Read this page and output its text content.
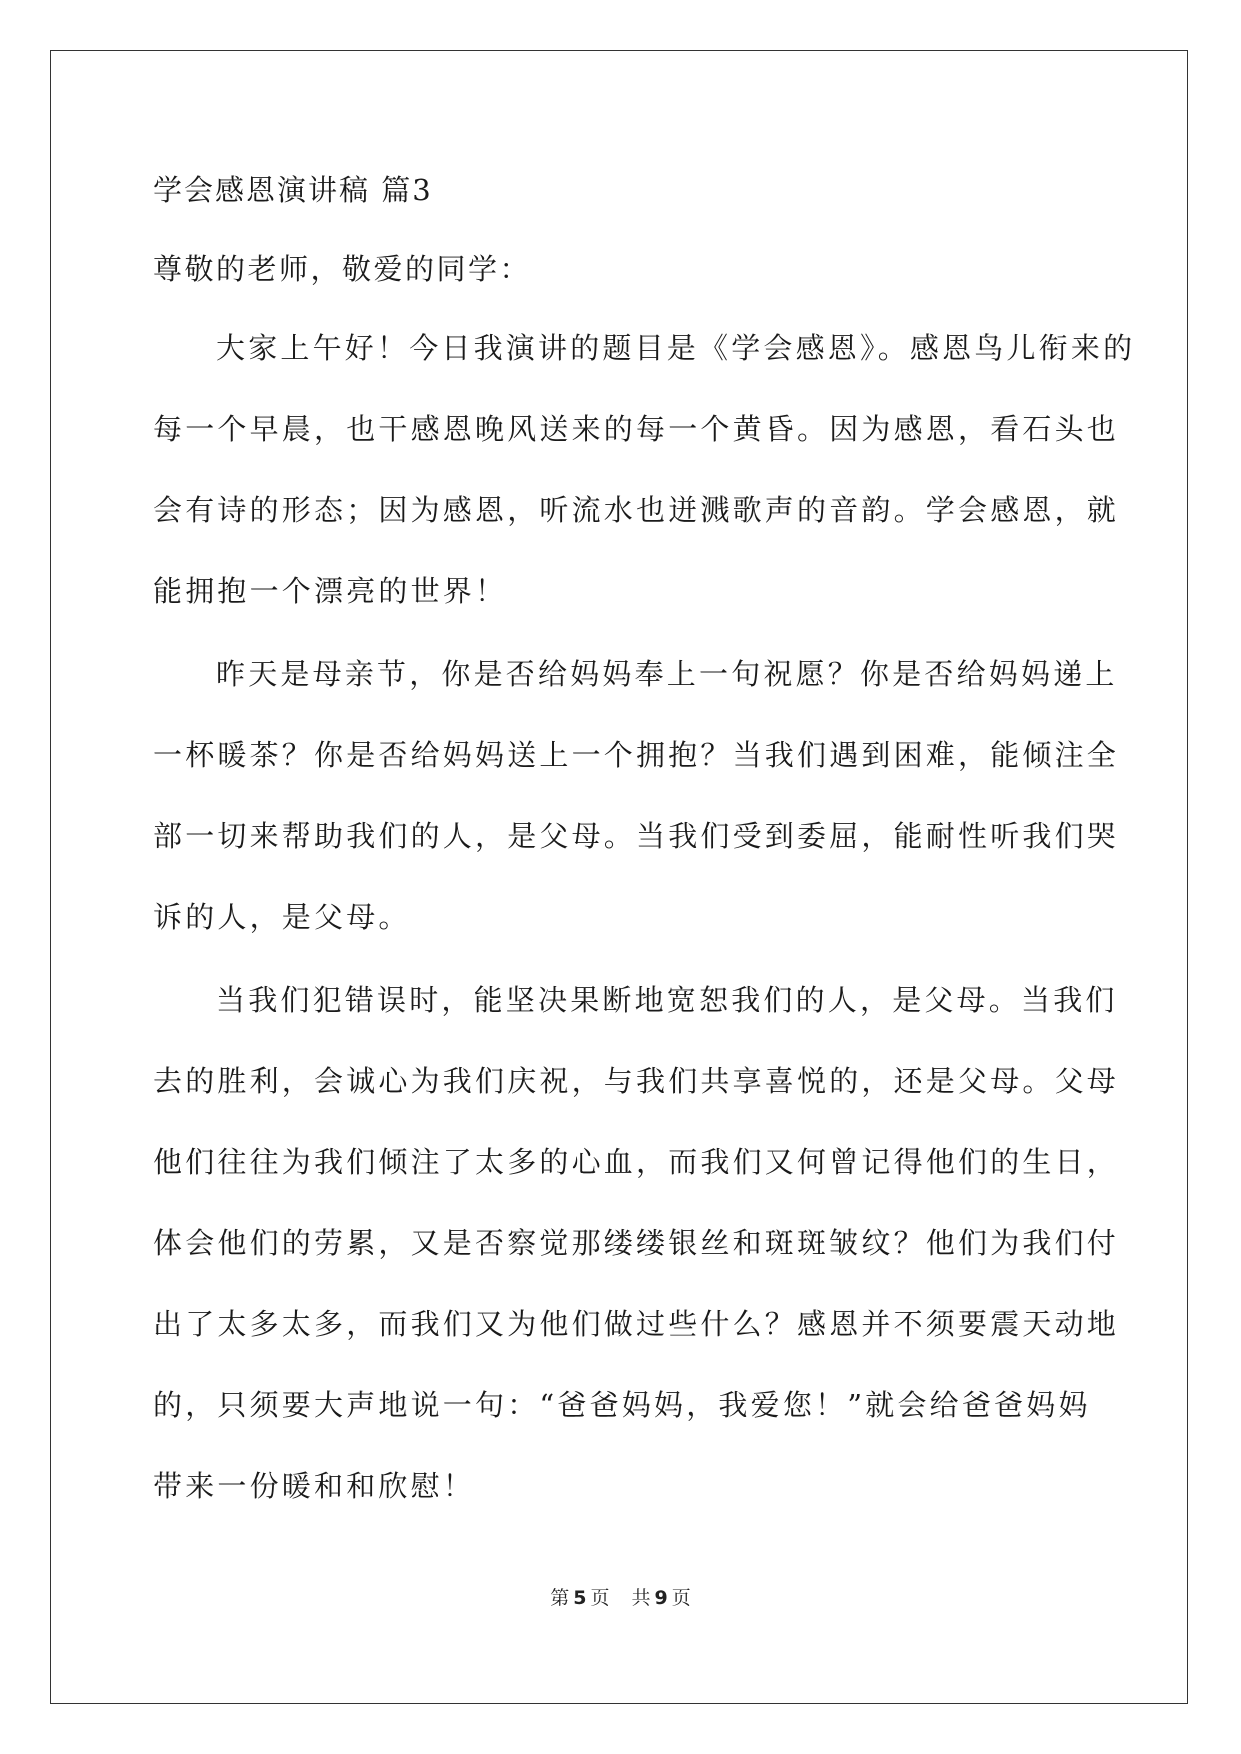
学会感恩演讲稿 篇3

尊敬的老师，敬爱的同学：

大家上午好！今日我演讲的题目是《学会感恩》。感恩鸟儿衔来的

每一个早晨，也干感恩晚风送来的每一个黄昏。因为感恩，看石头也

会有诗的形态；因为感恩，听流水也迸溅歌声的音韵。学会感恩，就

能拥抱一个漂亮的世界！

昨天是母亲节，你是否给妈妈奉上一句祝愿？你是否给妈妈递上

一杯暖茶？你是否给妈妈送上一个拥抱？当我们遇到困难，能倾注全

部一切来帮助我们的人，是父母。当我们受到委屈，能耐性听我们哭

诉的人，是父母。

当我们犯错误时，能坚决果断地宽恕我们的人，是父母。当我们

去的胜利，会诚心为我们庆祝，与我们共享喜悦的，还是父母。父母

他们往往为我们倾注了太多的心血，而我们又何曾记得他们的生日，

体会他们的劳累，又是否察觉那缕缕银丝和斑斑皱纹？他们为我们付

出了太多太多，而我们又为他们做过些什么？感恩并不须要震天动地

的，只须要大声地说一句：“爸爸妈妈，我爱您！”就会给爸爸妈妈

带来一份暖和和欣慰！

第 5 页 共 9 页
